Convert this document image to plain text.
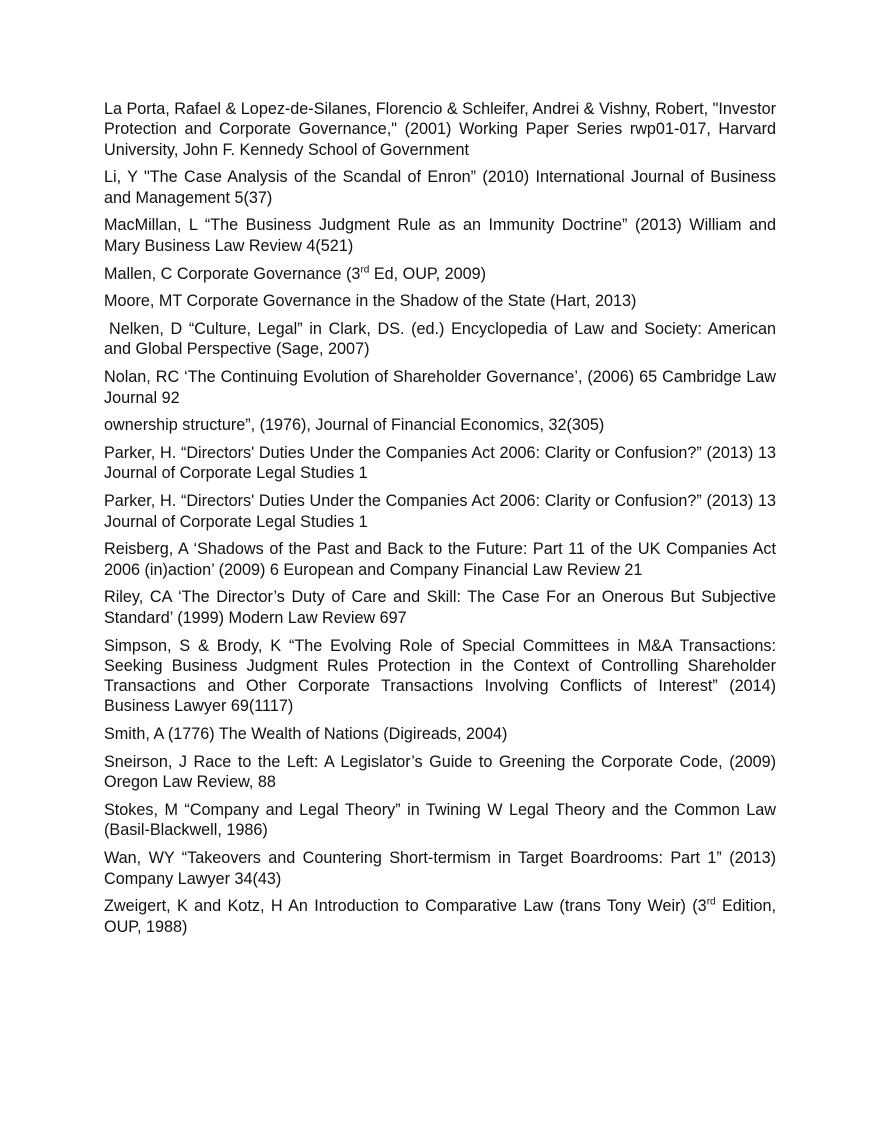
La Porta, Rafael & Lopez-de-Silanes, Florencio & Schleifer, Andrei & Vishny, Robert, "Investor Protection and Corporate Governance," (2001) Working Paper Series rwp01-017, Harvard University, John F. Kennedy School of Government

Li, Y "The Case Analysis of the Scandal of Enron” (2010) International Journal of Business and Management 5(37)

MacMillan, L “The Business Judgment Rule as an Immunity Doctrine” (2013) William and Mary Business Law Review 4(521)

Mallen, C Corporate Governance (3rd Ed, OUP, 2009)

Moore, MT Corporate Governance in the Shadow of the State (Hart, 2013)

Nelken, D “Culture, Legal” in Clark, DS. (ed.) Encyclopedia of Law and Society: American and Global Perspective (Sage, 2007)

Nolan, RC ‘The Continuing Evolution of Shareholder Governance’, (2006) 65 Cambridge Law Journal 92

ownership structure”, (1976), Journal of Financial Economics, 32(305)

Parker, H. “Directors' Duties Under the Companies Act 2006: Clarity or Confusion?” (2013) 13 Journal of Corporate Legal Studies 1

Parker, H. “Directors' Duties Under the Companies Act 2006: Clarity or Confusion?” (2013) 13 Journal of Corporate Legal Studies 1

Reisberg, A ‘Shadows of the Past and Back to the Future: Part 11 of the UK Companies Act 2006 (in)action’ (2009) 6 European and Company Financial Law Review 21

Riley, CA ‘The Director’s Duty of Care and Skill: The Case For an Onerous But Subjective Standard’ (1999) Modern Law Review 697

Simpson, S & Brody, K “The Evolving Role of Special Committees in M&A Transactions: Seeking Business Judgment Rules Protection in the Context of Controlling Shareholder Transactions and Other Corporate Transactions Involving Conflicts of Interest” (2014) Business Lawyer 69(1117)

Smith, A (1776) The Wealth of Nations (Digireads, 2004)

Sneirson, J Race to the Left: A Legislator’s Guide to Greening the Corporate Code, (2009) Oregon Law Review, 88

Stokes, M “Company and Legal Theory” in Twining W Legal Theory and the Common Law (Basil-Blackwell, 1986)

Wan, WY “Takeovers and Countering Short-termism in Target Boardrooms: Part 1” (2013) Company Lawyer 34(43)

Zweigert, K and Kotz, H An Introduction to Comparative Law (trans Tony Weir) (3rd Edition, OUP, 1988)
